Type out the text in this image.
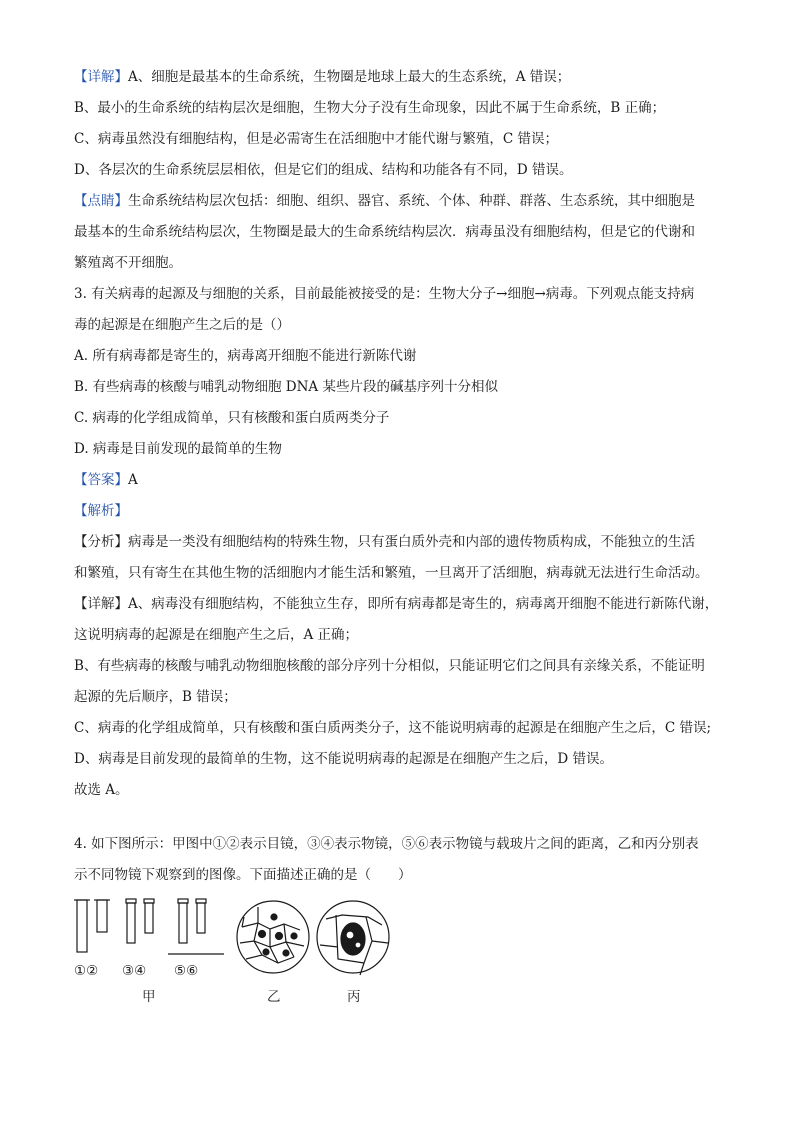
【详解】A、细胞是最基本的生命系统，生物圈是地球上最大的生态系统，A 错误；
B、最小的生命系统的结构层次是细胞，生物大分子没有生命现象，因此不属于生命系统，B 正确；
C、病毒虽然没有细胞结构，但是必需寄生在活细胞中才能代谢与繁殖，C 错误；
D、各层次的生命系统层层相依，但是它们的组成、结构和功能各有不同，D 错误。
【点睛】生命系统结构层次包括：细胞、组织、器官、系统、个体、种群、群落、生态系统，其中细胞是
最基本的生命系统结构层次，生物圈是最大的生命系统结构层次．病毒虽没有细胞结构，但是它的代谢和
繁殖离不开细胞。
3. 有关病毒的起源及与细胞的关系，目前最能被接受的是：生物大分子→细胞→病毒。下列观点能支持病
毒的起源是在细胞产生之后的是（）
A. 所有病毒都是寄生的，病毒离开细胞不能进行新陈代谢
B. 有些病毒的核酸与哺乳动物细胞 DNA 某些片段的碱基序列十分相似
C. 病毒的化学组成简单，只有核酸和蛋白质两类分子
D. 病毒是目前发现的最简单的生物
【答案】A
【解析】
【分析】病毒是一类没有细胞结构的特殊生物，只有蛋白质外壳和内部的遗传物质构成，不能独立的生活
和繁殖，只有寄生在其他生物的活细胞内才能生活和繁殖，一旦离开了活细胞，病毒就无法进行生命活动。
【详解】A、病毒没有细胞结构，不能独立生存，即所有病毒都是寄生的，病毒离开细胞不能进行新陈代谢，
这说明病毒的起源是在细胞产生之后，A 正确；
B、有些病毒的核酸与哺乳动物细胞核酸的部分序列十分相似，只能证明它们之间具有亲缘关系，不能证明
起源的先后顺序，B 错误；
C、病毒的化学组成简单，只有核酸和蛋白质两类分子，这不能说明病毒的起源是在细胞产生之后，C 错误;
D、病毒是目前发现的最简单的生物，这不能说明病毒的起源是在细胞产生之后，D 错误。
故选 A。
4. 如下图所示：甲图中①②表示目镜，③④表示物镜，⑤⑥表示物镜与载玻片之间的距离，乙和丙分别表
示不同物镜下观察到的图像。下面描述正确的是（　　）
①② ③④ ⑤⑥
甲	乙	丙
